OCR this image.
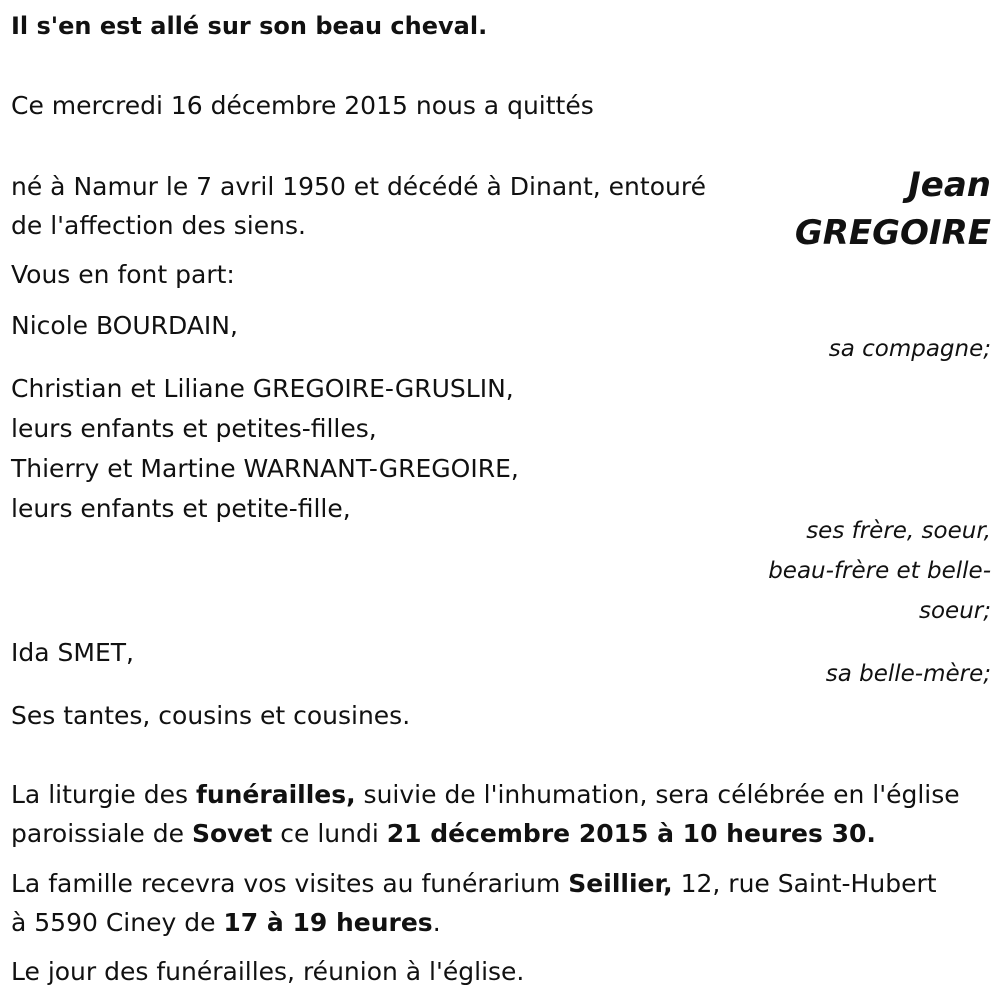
Il s'en est allé sur son beau cheval.
Ce mercredi 16 décembre 2015 nous a quittés
Jean
GREGOIRE
né à Namur le 7 avril 1950 et décédé à Dinant, entouré
de l'affection des siens.
Vous en font part:
Nicole BOURDAIN,
sa compagne;
Christian et Liliane GREGOIRE-GRUSLIN,
leurs enfants et petites-filles,
Thierry et Martine WARNANT-GREGOIRE,
leurs enfants et petite-fille,
ses frère, soeur,
beau-frère et belle-
soeur;
Ida SMET,
sa belle-mère;
Ses tantes, cousins et cousines.
La liturgie des funérailles, suivie de l'inhumation, sera célébrée en l'église
paroissiale de Sovet ce lundi 21 décembre 2015 à 10 heures 30.
La famille recevra vos visites au funérarium Seillier, 12, rue Saint-Hubert
à 5590 Ciney de 17 à 19 heures.
Le jour des funérailles, réunion à l'église.
